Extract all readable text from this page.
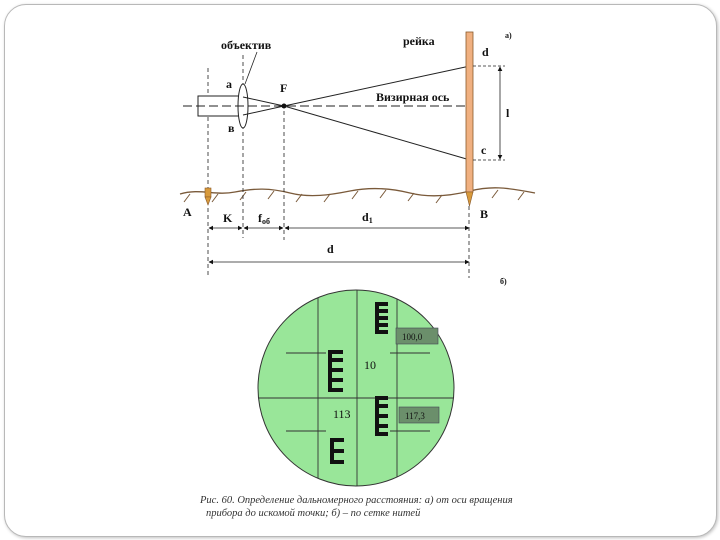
а)
объектив	рейка
F
Визирная ось
а
в
d
c
l
А	В
K fоб	d1
d
б)
10
113
100,0
117,3
Рис. 60. Определение дальномерного расстояния: а) от оси вращения
прибора до искомой точки; б) – по сетке нитей
